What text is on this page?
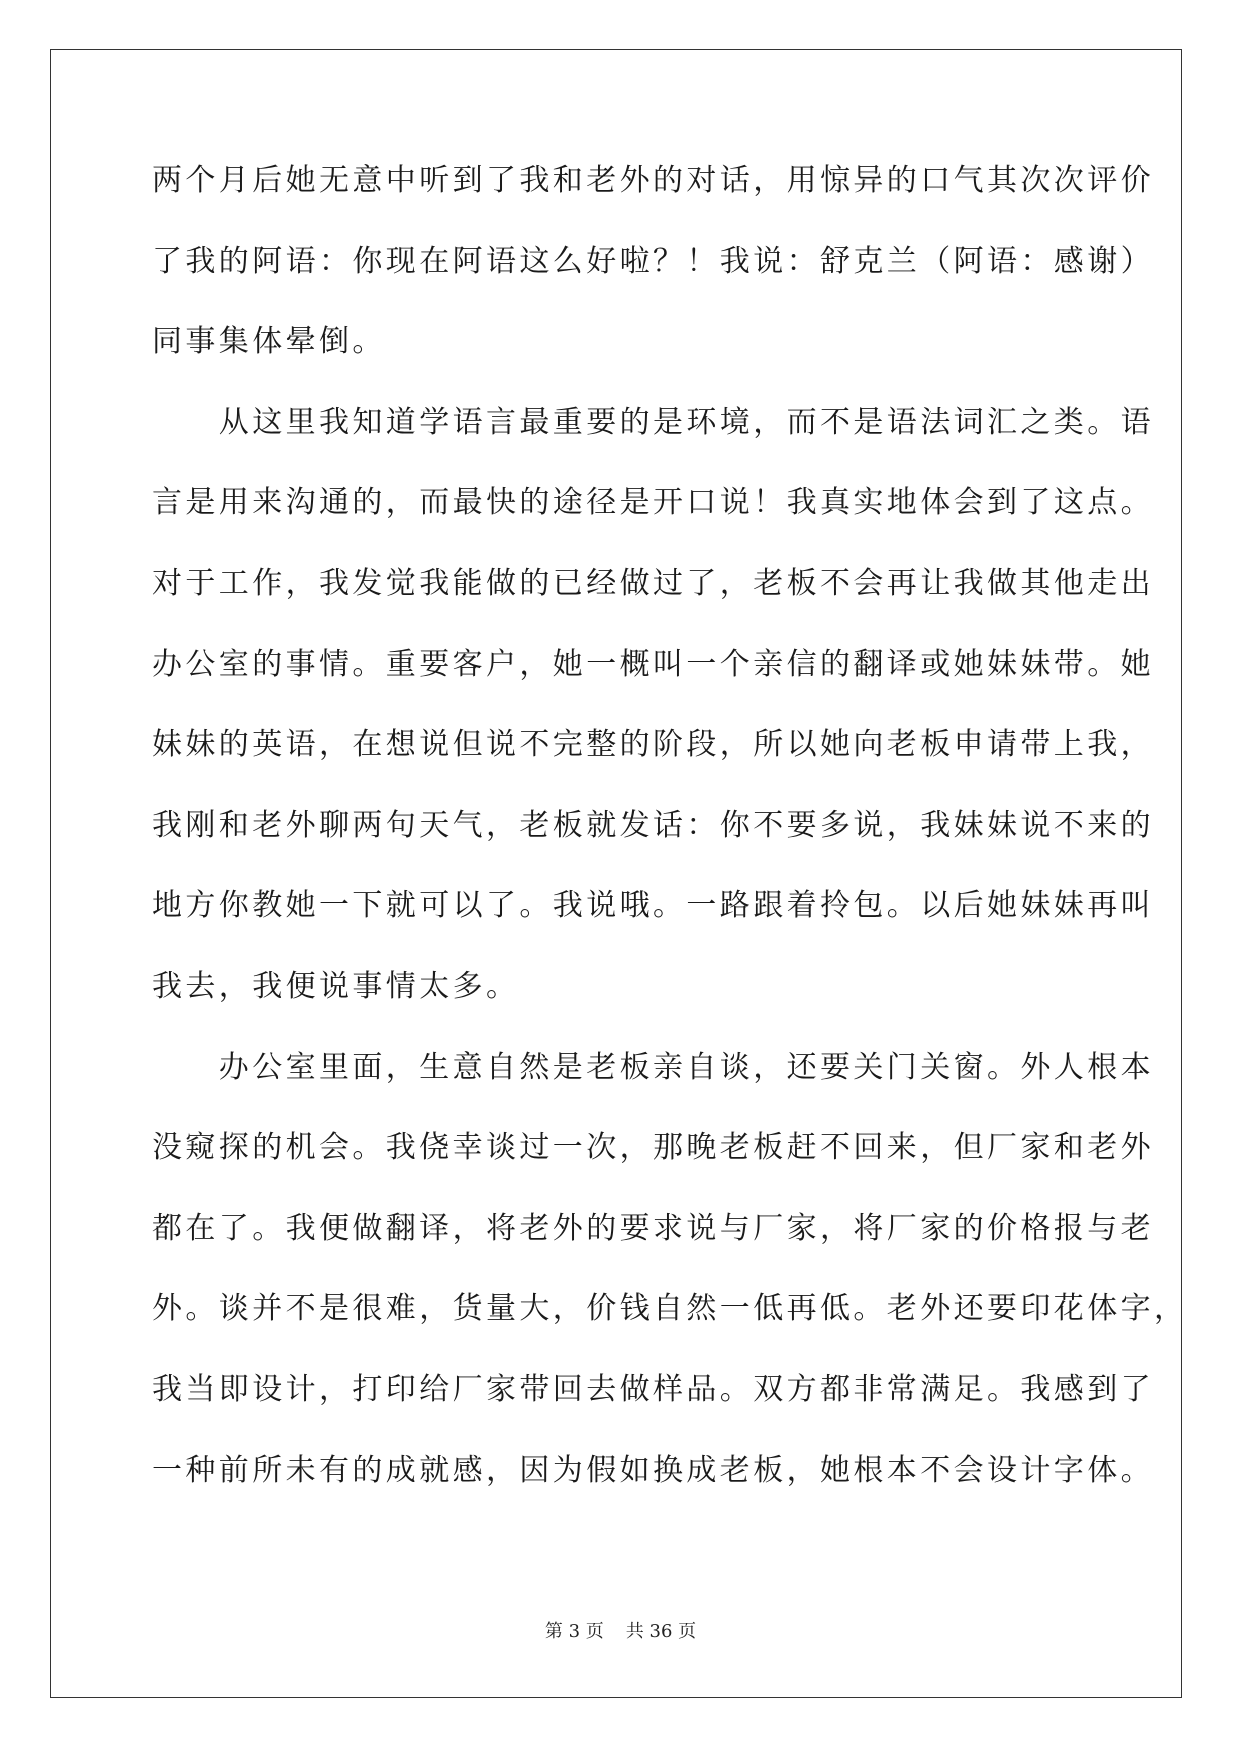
两个月后她无意中听到了我和老外的对话，用惊异的口气其次次评价
了我的阿语：你现在阿语这么好啦？！我说：舒克兰（阿语：感谢）
同事集体晕倒。
　　从这里我知道学语言最重要的是环境，而不是语法词汇之类。语
言是用来沟通的，而最快的途径是开口说！我真实地体会到了这点。
对于工作，我发觉我能做的已经做过了，老板不会再让我做其他走出
办公室的事情。重要客户，她一概叫一个亲信的翻译或她妹妹带。她
妹妹的英语，在想说但说不完整的阶段，所以她向老板申请带上我，
我刚和老外聊两句天气，老板就发话：你不要多说，我妹妹说不来的
地方你教她一下就可以了。我说哦。一路跟着拎包。以后她妹妹再叫
我去，我便说事情太多。
　　办公室里面，生意自然是老板亲自谈，还要关门关窗。外人根本
没窥探的机会。我侥幸谈过一次，那晚老板赶不回来，但厂家和老外
都在了。我便做翻译，将老外的要求说与厂家，将厂家的价格报与老
外。谈并不是很难，货量大，价钱自然一低再低。老外还要印花体字，
我当即设计，打印给厂家带回去做样品。双方都非常满足。我感到了
一种前所未有的成就感，因为假如换成老板，她根本不会设计字体。
第 3 页 共 36 页
